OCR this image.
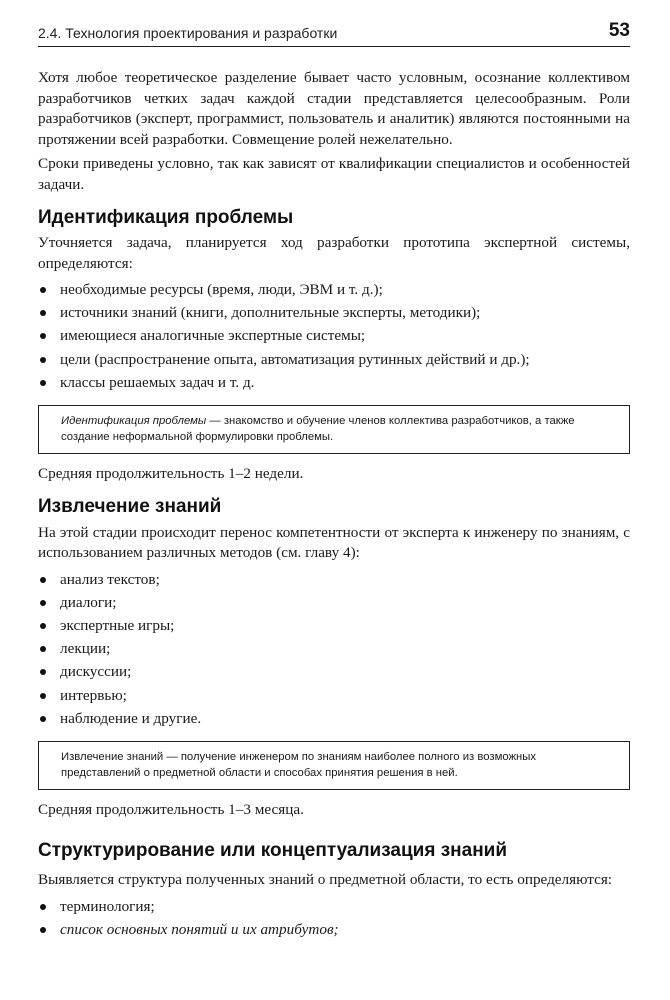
2.4. Технология проектирования и разработки	53

Хотя любое теоретическое разделение бывает часто условным, осознание коллективом разработчиков четких задач каждой стадии представляется целесообразным. Роли разработчиков (эксперт, программист, пользователь и аналитик) являются постоянными на протяжении всей разработки. Совмещение ролей нежелательно.

Сроки приведены условно, так как зависят от квалификации специалистов и особенностей задачи.

Идентификация проблемы

Уточняется задача, планируется ход разработки прототипа экспертной системы, определяются:

необходимые ресурсы (время, люди, ЭВМ и т. д.);
источники знаний (книги, дополнительные эксперты, методики);
имеющиеся аналогичные экспертные системы;
цели (распространение опыта, автоматизация рутинных действий и др.);
классы решаемых задач и т. д.
Идентификация проблемы — знакомство и обучение членов коллектива разработчиков, а также создание неформальной формулировки проблемы.

Средняя продолжительность 1–2 недели.

Извлечение знаний

На этой стадии происходит перенос компетентности от эксперта к инженеру по знаниям, с использованием различных методов (см. главу 4):

анализ текстов;
диалоги;
экспертные игры;
лекции;
дискуссии;
интервью;
наблюдение и другие.
Извлечение знаний — получение инженером по знаниям наиболее полного из возможных представлений о предметной области и способах принятия решения в ней.

Средняя продолжительность 1–3 месяца.

Структурирование или концептуализация знаний

Выявляется структура полученных знаний о предметной области, то есть определяются:

терминология;
список основных понятий и их атрибутов;
